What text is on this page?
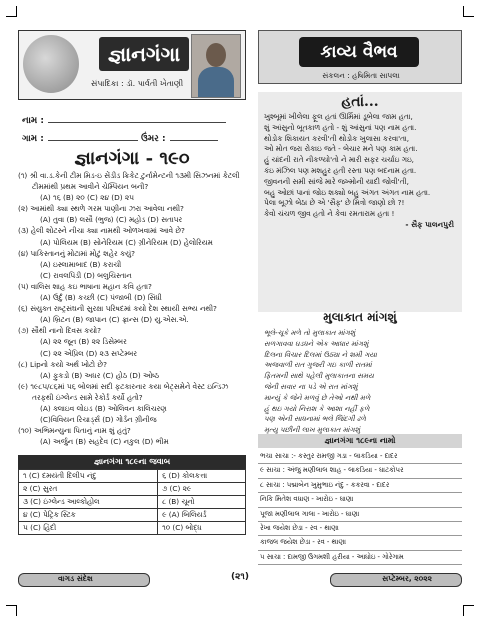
જ્ઞાનગંગા
સંપાદિકા : ડૉ. પાર્વતી ખેતાણી
નામ :
ગામ :	ઉંમર :
જ્ઞાનગંગા - ૧૯૦

(૧) શ્રી વા.ડ.કેની ટીમ મિડ-ઇ સેંડીડ ક્રિકેટ ટુર્નામેન્ટની ૧૩મી સિઝનમાં કેટલી ટીમમાંથી પ્રથમ આવીને ચેમ્પિયન બની?

(A) ૧૬ (B) ૨૦ (C) ૨૪ (D) ૨૫

(૨) આમાંથી ક્યા સ્થળે ગરમ પાણીના ઝરા આવેલા નથી?

(A) તુવા (B) લસૌ (ભુજ) (C) મહોડ (D) સતાપર

(૩) હેલી શોટસ્ને નીચા ક્યા નામથી ઓળખવામાં આવે છે?

(A) પોલિયમ (B) સોનેરિયમ (C) ગ્રીનેરિયમ (D) હેલોરિયમ

(૪) પાકિસ્તાનનું મોટામાં મોટું શહેર કયું?

(A) ઇસ્લામાબાદ (B) કરાચી

(C) રાવલપિંડી (D) બલુચિસ્તાન

(૫) વાલિસ શાહ કઇ ભાષાના મહાન કવિ હતા?

(A) ઉર્દુ (B) કચ્છી (C) પંજાબી (D) સિંધી

(૬) સંયુક્ત રાષ્ટ્રસંઘની સુરક્ષા પરિષદમાં કયો દેશ સ્થાયી સભ્ય નથી?

(A) બ્રિટન (B) જાપાન (C) ફ્રાન્સ (D) યુ.એસ.એ.

(૭) સૌથી નાનો દિવસ કયો?

(A) ૨૨ જૂન (B) ૨૨ ડિસેમ્બર

(C) ૨૨ એપ્રિલ (D) ૨૩ સપ્ટેમ્બર

(૮) Lipનો કયો અર્થ ખોટો છે?

(A) ફુકડો (B) અધર (C) હોઠ (D) ઓષ્ઠ

(૯) ૧૯૮૫/૮૬માં ૫૬ બોલમાં સદી ફટકારનાર કયા બેટ્સમેને વેસ્ટ ઇન્ડિઝ તરફથી ઇંગ્લેન્ડ સામે રેકોર્ડ કર્યો હતો?

(A) ક્લાઇવ લોઇડ (B) ઓલિવન કાલિચરણ

(C)વિવિયન રિચાર્ડ્સ (D) ગોર્ડન ગ્રીનીજ

(૧૦) અભિમન્યુના પિતાનું નામ શું હતું?

(A) અર્જુન (B) સહદેવ (C) નકુલ (D) ભીમ

જ્ઞાનગંગા ૧૮૯ના જવાબ
૧ (C) દમયંતી દિલીપ નંદુ	૬ (D) કોલકત્તા
૨ (C) સુરત	૭ (C) ૨૯
૩ (C) ઇંગ્લેન્ડ આલ્કોહોલ	૮ (B) ચૂનો
૪ (C) પેટ્રિક સ્ટિક	૯ (A) બિલિયર્ડ
૫ (C) હિંદી	૧૦ (C) બોદ્ધ
કાવ્ય વૈભવ
સંકલન : હષિમિતા સાપલા
હતાં...
ખુશ્બૂમાં ખીલેલા ફૂલ હતાં ઊર્મિમાં ડૂબેલા જામ હતા,
શું આંસુનો બૂતકાળ હતો - શું આંસુનાં પણ નામ હતા.
થોડોક શિકાયત કરવી'તી થોડોક ખુલાસા કરવા'તા,
ઓ મોત જરા રોકાઇ જતે - બેચાર મને પણ કામ હતા.
હું ચાંદની રાતે નીકળ્યો'તો ને મારી સફર ચર્ચાઇ ગઇ,
કંઇ મંઝિલ પણ મશહુર હતી રસ્તા પણ બદનામ હતા.
જીવનની સમી સાંજે મારે જખ્મોની યાદી જોવી'તી,
બહુ ઓછાં પાનાં જોઇ શક્યો બહુ અંગત અંગત નામ હતા.
પેલા બૂઝો બેઠા છે એ 'સૈફ' છે મિત્રો જાણો છો ?!
કેવો ચંચળ જીવ હતો ને કેવા રમતારામ હતા !
- સૈફ પાલનપુરી
મુલાકાત માંગશું
ભૂલે-ચૂકે મળે તો મુલાકાત માંગશું
સળગાવવા ઘડધને એક આધાર માંગશું
દિલના વિચાર દિલમાં ઉઠ્યા ને શમી ગયા
અજવાળી રાત ગુજરી ગઇ કાળી રાતમાં
ફિતમની સાથે પહેલી મુલાકાતના સમય
જેની સવાર ના પડે એ રાત માંગશું
માન્યું કે જેને મળવું છે તેઓ નથી મળે
હું થઇ ગયો નિરાશ કે આશા નહીં ફળે
પણ એની સાધનામાં ભલે જિંદગી ઢળે
મૃત્યુ પછીની લાખ મુલાકાત માંગશું
જ્ઞાનગંગા ૧૮૯ના નામો
ભચા સાચા :- કસ્તુર રામજી ગડા - લાકડિયા - દાદર
૯ સાચા : અંજુ મણીલાલ શાહ - લાકડિયા - ઘાટકોપર
૮ સાચા : પદ્માબેન ખુમુભાઇ નંદુ - કકરવા - દાદર
નિકિ મિતેશ વધાણ - ખારોઇ - ઘાણા
પૂજા મણીલાલ ગાલા - ખારોઇ - ઘાણા
રેખા જયેશ છેડા - રવ - થાણા
કાજલ જયેશ છેડા - રવ - થાણા
૫ સાચા : દામજી ઉગમશી હરીયા - આધોઇ - ગોરેગામ
વાગડ સંદેશ	(૨૧)	સપ્ટેમ્બર, ૨૦૨૨
